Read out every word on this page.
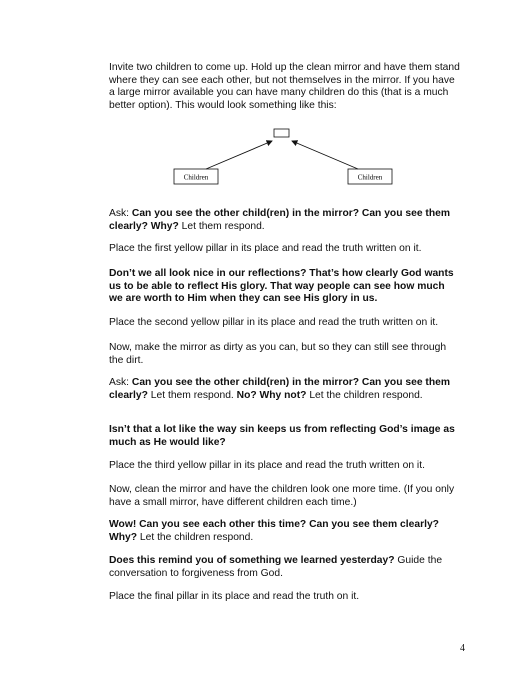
Invite two children to come up. Hold up the clean mirror and have them stand where they can see each other, but not themselves in the mirror. If you have a large mirror available you can have many children do this (that is a much better option). This would look something like this:

Children	Children

Ask: Can you see the other child(ren) in the mirror? Can you see them clearly? Why? Let them respond.

Place the first yellow pillar in its place and read the truth written on it.

Don’t we all look nice in our reflections? That’s how clearly God wants us to be able to reflect His glory. That way people can see how much we are worth to Him when they can see His glory in us.

Place the second yellow pillar in its place and read the truth written on it.

Now, make the mirror as dirty as you can, but so they can still see through the dirt.

Ask: Can you see the other child(ren) in the mirror? Can you see them clearly? Let them respond. No? Why not? Let the children respond.

Isn’t that a lot like the way sin keeps us from reflecting God’s image as much as He would like?

Place the third yellow pillar in its place and read the truth written on it.

Now, clean the mirror and have the children look one more time. (If you only have a small mirror, have different children each time.)

Wow! Can you see each other this time? Can you see them clearly? Why? Let the children respond.

Does this remind you of something we learned yesterday? Guide the conversation to forgiveness from God.

Place the final pillar in its place and read the truth on it.

4
